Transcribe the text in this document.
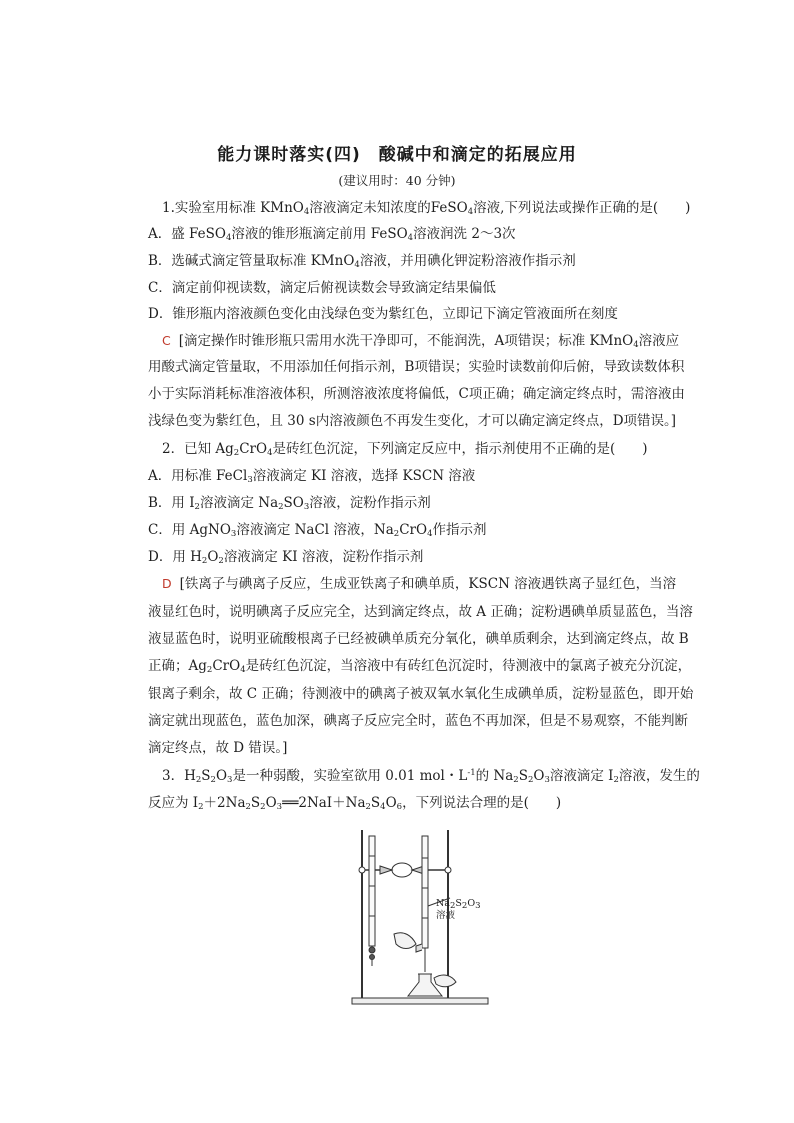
能力课时落实(四)　酸碱中和滴定的拓展应用
(建议用时：40 分钟)
1.实验室用标准 KMnO$_4$溶液滴定未知浓度的FeSO$_4$溶液,下列说法或操作正确的是(　　)
A．盛 FeSO$_4$溶液的锥形瓶滴定前用 FeSO$_4$溶液润洗 2～3次
B．选碱式滴定管量取标准 KMnO$_4$溶液，并用碘化钾淀粉溶液作指示剂
C．滴定前仰视读数，滴定后俯视读数会导致滴定结果偏低
D．锥形瓶内溶液颜色变化由浅绿色变为紫红色，立即记下滴定管液面所在刻度
C [滴定操作时锥形瓶只需用水洗干净即可，不能润洗，A项错误；标准 KMnO$_4$溶液应
用酸式滴定管量取，不用添加任何指示剂，B项错误；实验时读数前仰后俯，导致读数体积
小于实际消耗标准溶液体积，所测溶液浓度将偏低，C项正确；确定滴定终点时，需溶液由
浅绿色变为紫红色，且 30 s内溶液颜色不再发生变化，才可以确定滴定终点，D项错误。]
2．已知 $Ag_2CrO_4$是砖红色沉淀，下列滴定反应中，指示剂使用不正确的是(　　)
A．用标准 FeCl$_3$溶液滴定 KI 溶液，选择 KSCN 溶液
B．用 $I_2$溶液滴定 $Na_2SO_3$溶液，淀粉作指示剂
C．用 AgNO$_3$溶液滴定 NaCl 溶液，$Na_2CrO_4$作指示剂
D．用 $H_2O_2$溶液滴定 KI 溶液，淀粉作指示剂
D [铁离子与碘离子反应，生成亚铁离子和碘单质，KSCN 溶液遇铁离子显红色，当溶
液显红色时，说明碘离子反应完全，达到滴定终点，故 A 正确；淀粉遇碘单质显蓝色，当溶
液显蓝色时，说明亚硫酸根离子已经被碘单质充分氧化，碘单质剩余，达到滴定终点，故 B
正确；$Ag_2CrO_4$是砖红色沉淀，当溶液中有砖红色沉淀时，待测液中的氯离子被充分沉淀，
银离子剩余，故 C 正确；待测液中的碘离子被双氧水氧化生成碘单质，淀粉显蓝色，即开始
滴定就出现蓝色，蓝色加深，碘离子反应完全时，蓝色不再加深，但是不易观察，不能判断
滴定终点，故 D 错误。]
3．$H_2S_2O_3$是一种弱酸，实验室欲用 0.01 mol・$L^{-1}$的 $Na_2S_2O_3$溶液滴定 $I_2$溶液，发生的
反应为 $I_2+2Na_2S_2O_3══2NaI+Na_2S_4O_6$，下列说法合理的是(　　)
$Na_2S_2O_3$
溶液
